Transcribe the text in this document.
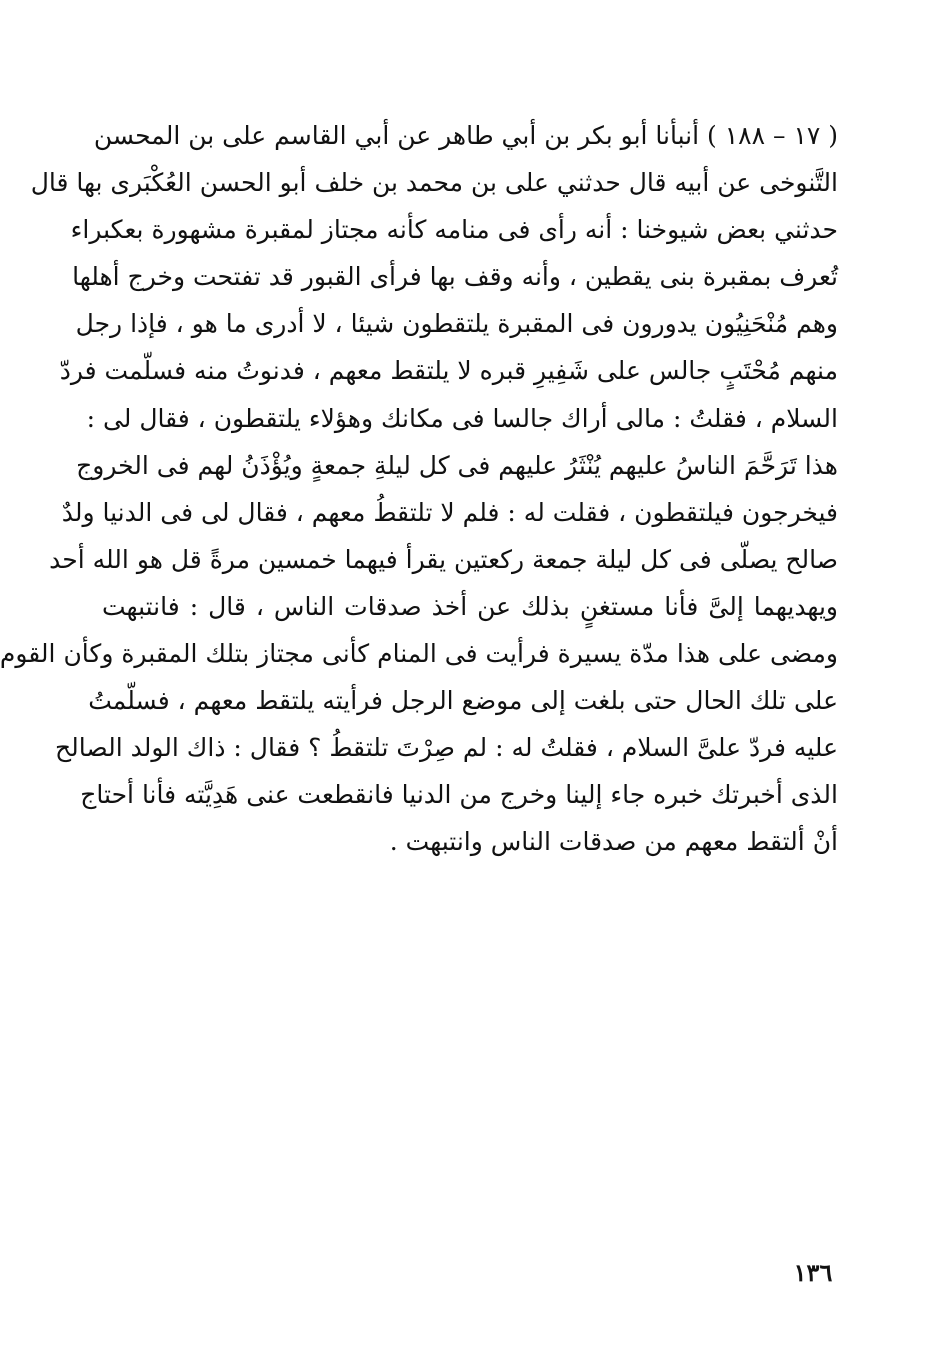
( ١٧ – ١٨٨ ) أنبأنا أبو بكر بن أبي طاهر عن أبي القاسم على بن المحسن
التَّنوخى عن أبيه قال حدثني على بن محمد بن خلف أبو الحسن العُكْبَرى بها قال
حدثني بعض شيوخنا : أنه رأى فى منامه كأنه مجتاز لمقبرة مشهورة بعكبراء
تُعرف بمقبرة بنى يقطين ، وأنه وقف بها فرأى القبور قد تفتحت وخرج أهلها
وهم مُنْحَنِيُون يدورون فى المقبرة يلتقطون شيئا ، لا أدرى ما هو ، فإذا رجل
منهم مُحْتَبٍ جالس على شَفِيرِ قبره لا يلتقط معهم ، فدنوتُ منه فسلّمت فردّ
السلام ، فقلتُ : مالى أراك جالسا فى مكانك وهؤلاء يلتقطون ، فقال لى :
هذا تَرَحَّمَ الناسُ عليهم يُنْثَرُ عليهم فى كل ليلةِ جمعةٍ ويُؤْذَنُ لهم فى الخروج
فيخرجون فيلتقطون ، فقلت له : فلم لا تلتقطُ معهم ، فقال لى فى الدنيا ولدٌ
صالح يصلّى فى كل ليلة جمعة ركعتين يقرأ فيهما خمسين مرةً قل هو الله أحد
ويهديهما إلىَّ فأنا مستغنٍ بذلك عن أخذ صدقات الناس ، قال : فانتبهت
ومضى على هذا مدّة يسيرة فرأيت فى المنام كأنى مجتاز بتلك المقبرة وكأن القوم
على تلك الحال حتى بلغت إلى موضع الرجل فرأيته يلتقط معهم ، فسلّمتُ
عليه فردّ علىَّ السلام ، فقلتُ له : لم صِرْتَ تلتقطُ ؟ فقال : ذاك الولد الصالح
الذى أخبرتك خبره جاء إلينا وخرج من الدنيا فانقطعت عنى هَدِيَّته فأنا أحتاج
أنْ ألتقط معهم من صدقات الناس وانتبهت .
١٣٦
